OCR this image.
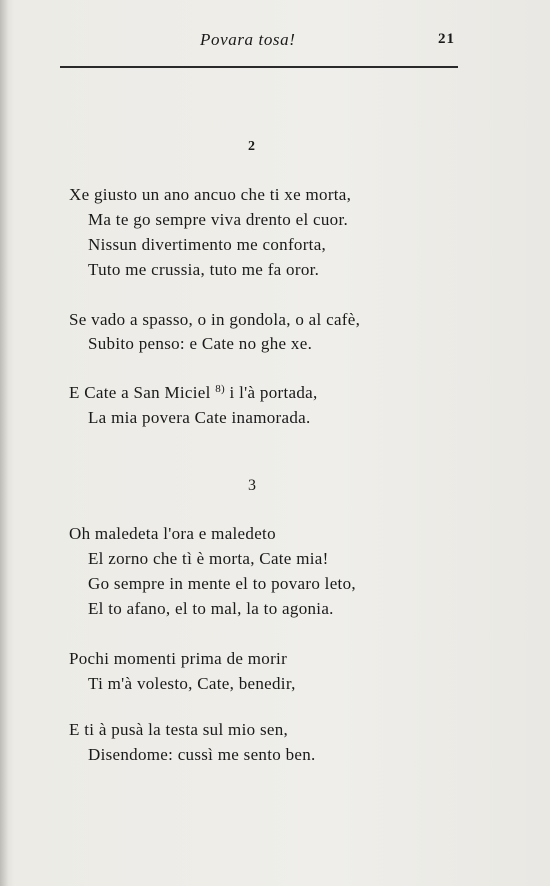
Povara tosa!	21
2
Xe giusto un ano ancuo che ti xe morta,
Ma te go sempre viva drento el cuor.
Nissun divertimento me conforta,
Tuto me crussia, tuto me fa oror.
Se vado a spasso, o in gondola, o al cafè,
Subito penso: e Cate no ghe xe.
E Cate a San Miciel $^{8)}$ i l'à portada,
La mia povera Cate inamorada.
3
Oh maledeta l'ora e maledeto
El zorno che tì è morta, Cate mia!
Go sempre in mente el to povaro leto,
El to afano, el to mal, la to agonia.
Pochi momenti prima de morir
Ti m'à volesto, Cate, benedir,
E ti à pusà la testa sul mio sen,
Disendome: cussì me sento ben.
